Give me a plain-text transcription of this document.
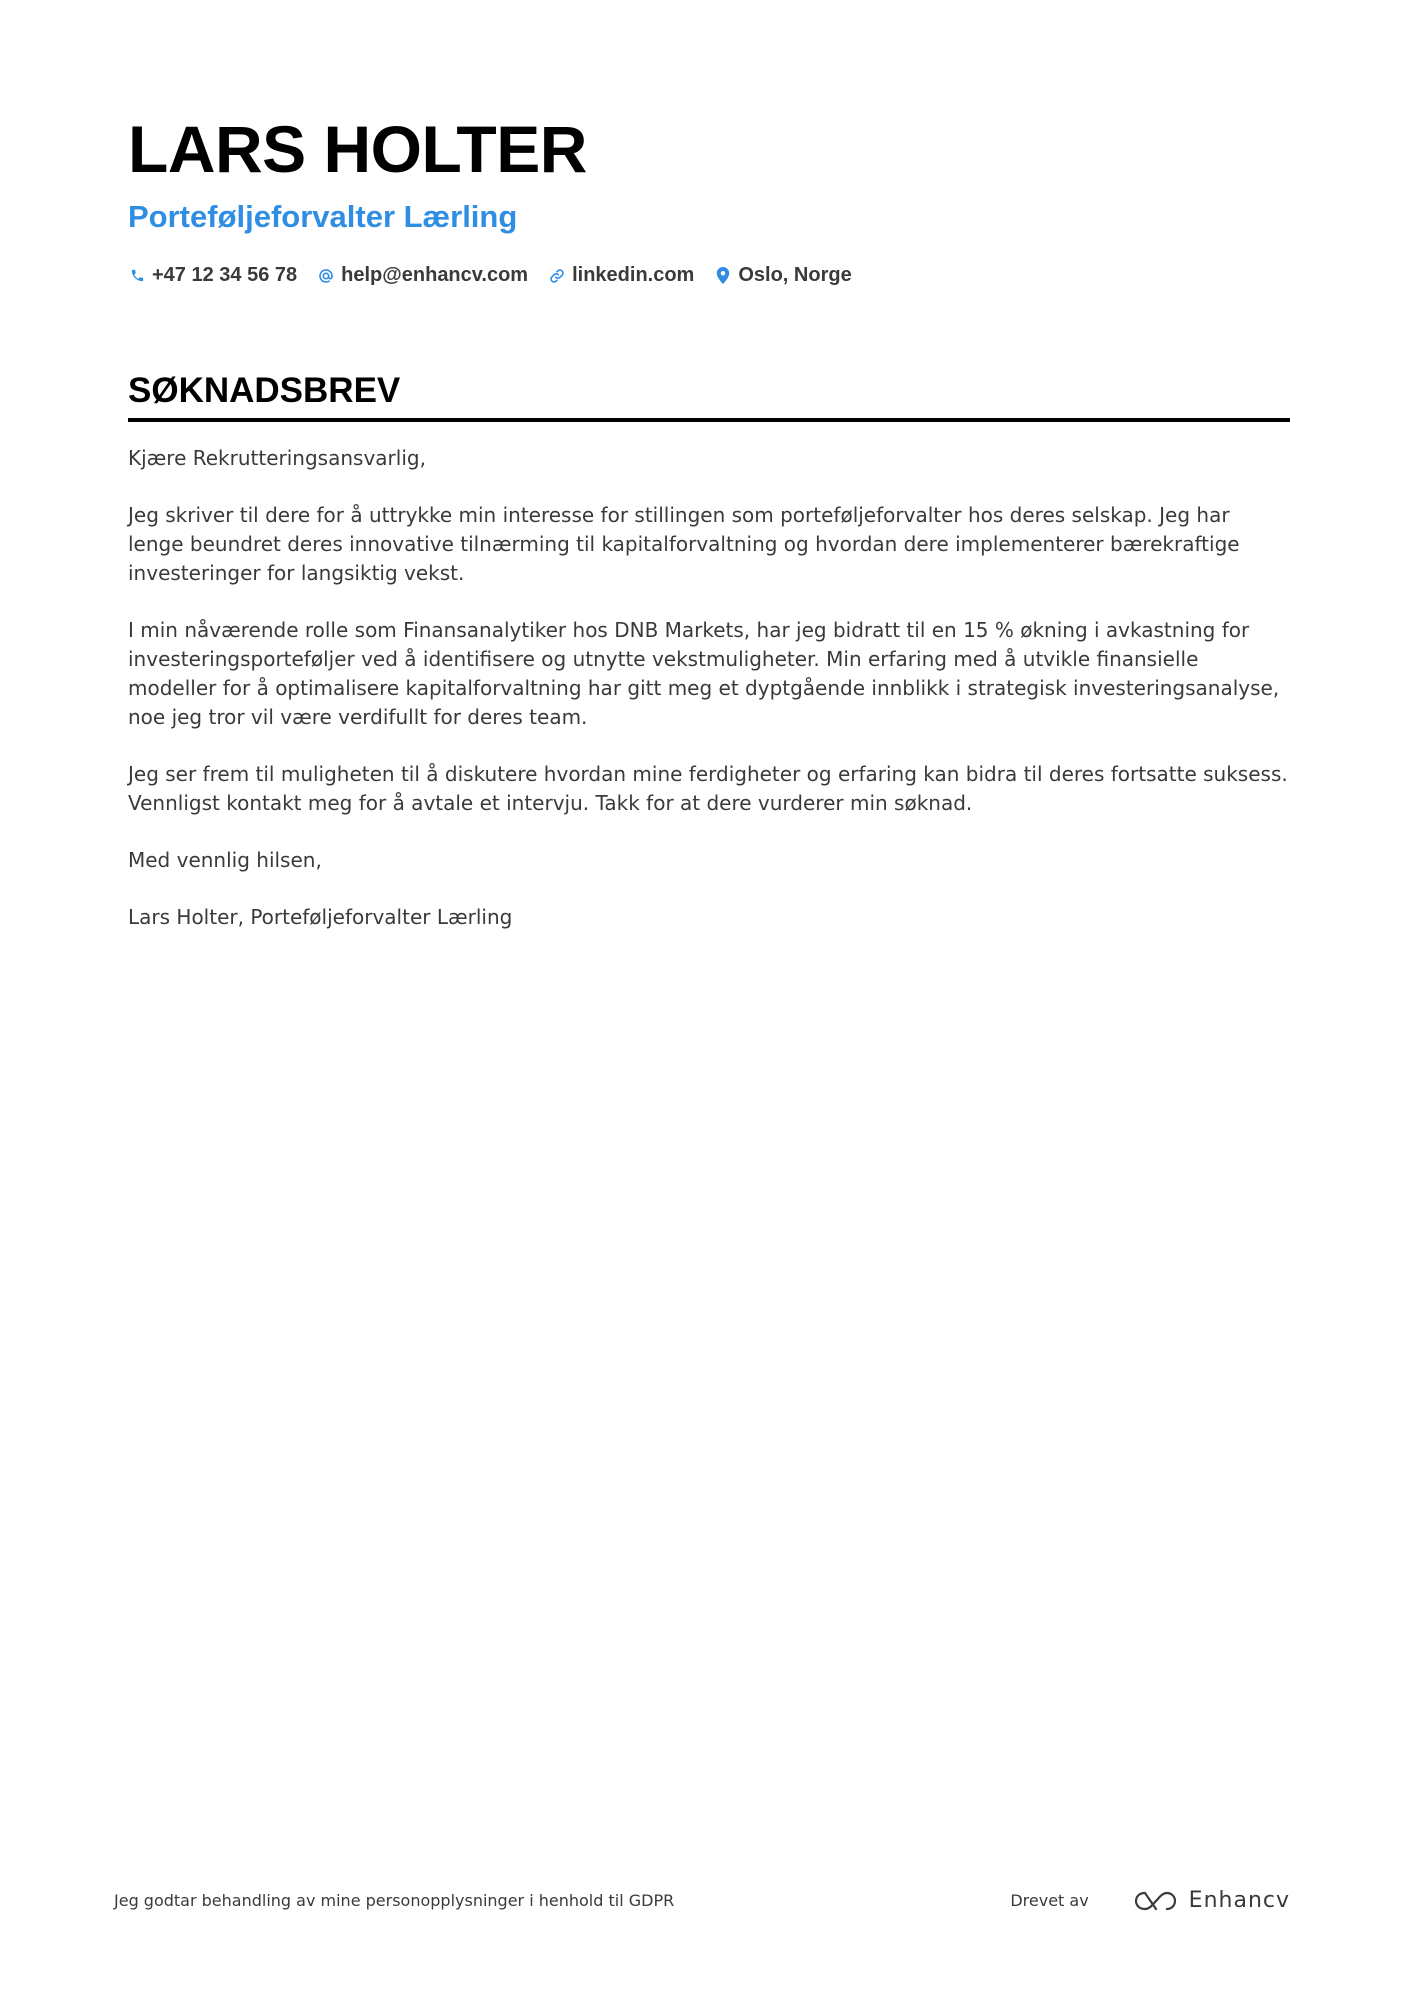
LARS HOLTER
Porteføljeforvalter Lærling
+47 12 34 56 78 help@enhancv.com linkedin.com Oslo, Norge
SØKNADSBREV

Kjære Rekrutteringsansvarlig,

Jeg skriver til dere for å uttrykke min interesse for stillingen som porteføljeforvalter hos deres selskap. Jeg har lenge beundret deres innovative tilnærming til kapitalforvaltning og hvordan dere implementerer bærekraftige investeringer for langsiktig vekst.

I min nåværende rolle som Finansanalytiker hos DNB Markets, har jeg bidratt til en 15 % økning i avkastning for investeringsporteføljer ved å identifisere og utnytte vekstmuligheter. Min erfaring med å utvikle finansielle modeller for å optimalisere kapitalforvaltning har gitt meg et dyptgående innblikk i strategisk investeringsanalyse, noe jeg tror vil være verdifullt for deres team.

Jeg ser frem til muligheten til å diskutere hvordan mine ferdigheter og erfaring kan bidra til deres fortsatte suksess. Vennligst kontakt meg for å avtale et intervju. Takk for at dere vurderer min søknad.

Med vennlig hilsen,

Lars Holter, Porteføljeforvalter Lærling

Jeg godtar behandling av mine personopplysninger i henhold til GDPR	Drevet av	Enhancv
